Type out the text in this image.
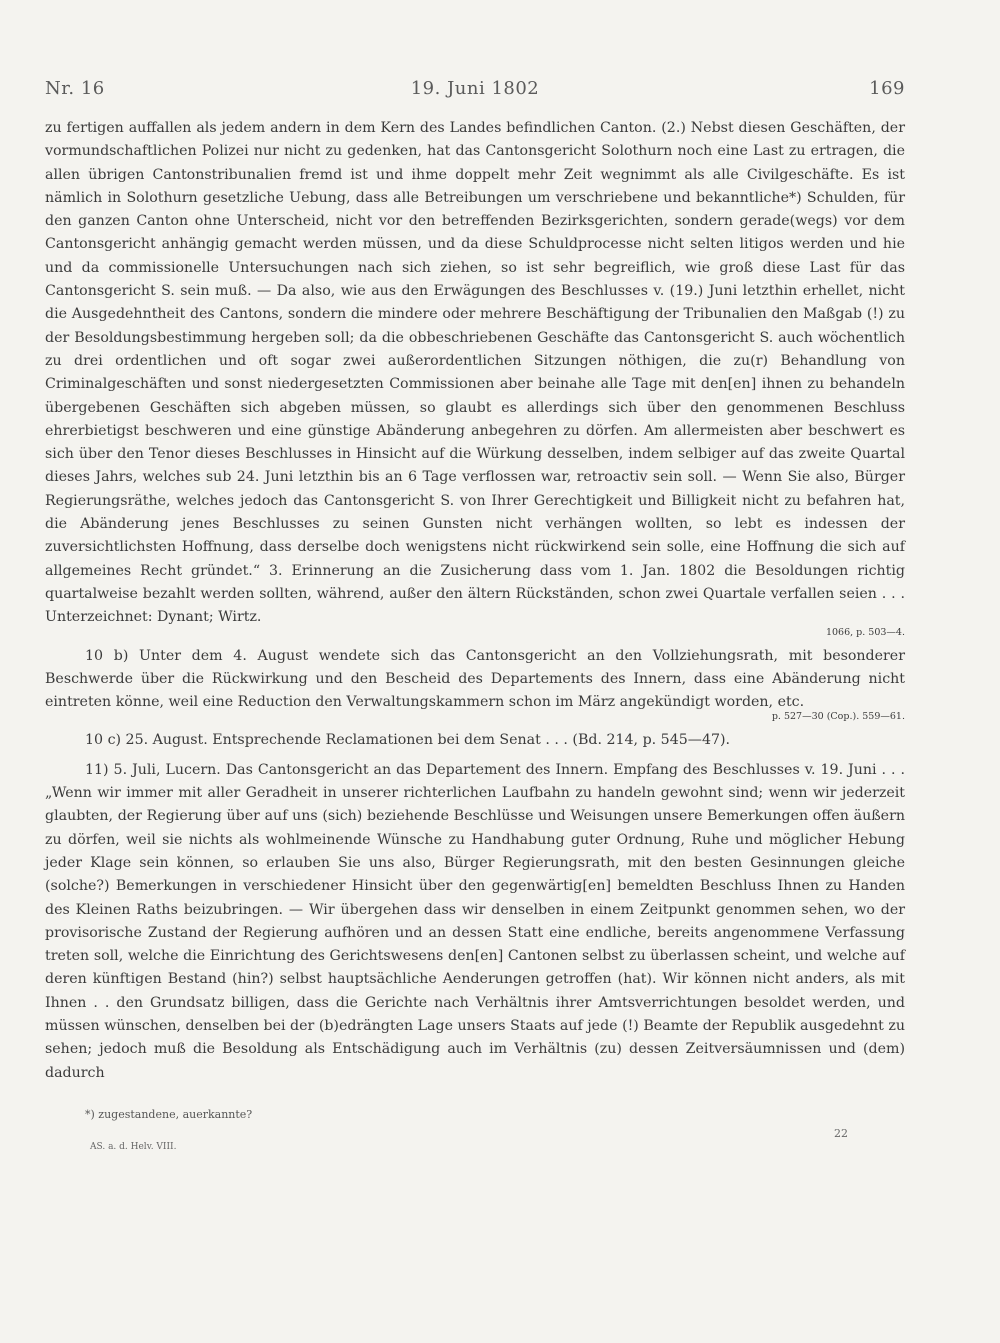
Nr. 16	19. Juni 1802	169

zu fertigen auffallen als jedem andern in dem Kern des Landes befindlichen Canton. (2.) Nebst diesen Geschäften, der vormundschaftlichen Polizei nur nicht zu gedenken, hat das Cantonsgericht Solothurn noch eine Last zu ertragen, die allen übrigen Cantonstribunalien fremd ist und ihme doppelt mehr Zeit wegnimmt als alle Civilgeschäfte. Es ist nämlich in Solothurn gesetzliche Uebung, dass alle Betreibungen um verschriebene und bekanntliche*) Schulden, für den ganzen Canton ohne Unterscheid, nicht vor den betreffenden Bezirksgerichten, sondern gerade(wegs) vor dem Cantonsgericht anhängig gemacht werden müssen, und da diese Schuldprocesse nicht selten litigos werden und hie und da commissionelle Untersuchungen nach sich ziehen, so ist sehr begreiflich, wie groß diese Last für das Cantonsgericht S. sein muß. — Da also, wie aus den Erwägungen des Beschlusses v. (19.) Juni letzthin erhellet, nicht die Ausgedehntheit des Cantons, sondern die mindere oder mehrere Beschäftigung der Tribunalien den Maßgab (!) zu der Besoldungsbestimmung hergeben soll; da die obbeschriebenen Geschäfte das Cantonsgericht S. auch wöchentlich zu drei ordentlichen und oft sogar zwei außerordentlichen Sitzungen nöthigen, die zu(r) Behandlung von Criminalgeschäften und sonst niedergesetzten Commissionen aber beinahe alle Tage mit den[en] ihnen zu behandeln übergebenen Geschäften sich abgeben müssen, so glaubt es allerdings sich über den genommenen Beschluss ehrerbietigst beschweren und eine günstige Abänderung anbegehren zu dörfen. Am allermeisten aber beschwert es sich über den Tenor dieses Beschlusses in Hinsicht auf die Würkung desselben, indem selbiger auf das zweite Quartal dieses Jahrs, welches sub 24. Juni letzthin bis an 6 Tage verflossen war, retroactiv sein soll. — Wenn Sie also, Bürger Regierungsräthe, welches jedoch das Cantonsgericht S. von Ihrer Gerechtigkeit und Billigkeit nicht zu befahren hat, die Abänderung jenes Beschlusses zu seinen Gunsten nicht verhängen wollten, so lebt es indessen der zuversichtlichsten Hoffnung, dass derselbe doch wenigstens nicht rückwirkend sein solle, eine Hoffnung die sich auf allgemeines Recht gründet.“ 3. Erinnerung an die Zusicherung dass vom 1. Jan. 1802 die Besoldungen richtig quartalweise bezahlt werden sollten, während, außer den ältern Rückständen, schon zwei Quartale verfallen seien . . . Unterzeichnet: Dynant; Wirtz.

1066, p. 503—4.

10 b) Unter dem 4. August wendete sich das Cantonsgericht an den Vollziehungsrath, mit besonderer Beschwerde über die Rückwirkung und den Bescheid des Departements des Innern, dass eine Abänderung nicht eintreten könne, weil eine Reduction den Verwaltungskammern schon im März angekündigt worden, etc.

p. 527—30 (Cop.). 559—61.

10 c) 25. August. Entsprechende Reclamationen bei dem Senat . . . (Bd. 214, p. 545—47).

11) 5. Juli, Lucern. Das Cantonsgericht an das Departement des Innern. Empfang des Beschlusses v. 19. Juni . . . „Wenn wir immer mit aller Geradheit in unserer richterlichen Laufbahn zu handeln gewohnt sind; wenn wir jederzeit glaubten, der Regierung über auf uns (sich) beziehende Beschlüsse und Weisungen unsere Bemerkungen offen äußern zu dörfen, weil sie nichts als wohlmeinende Wünsche zu Handhabung guter Ordnung, Ruhe und möglicher Hebung jeder Klage sein können, so erlauben Sie uns also, Bürger Regierungsrath, mit den besten Gesinnungen gleiche (solche?) Bemerkungen in verschiedener Hinsicht über den gegenwärtig[en] bemeldten Beschluss Ihnen zu Handen des Kleinen Raths beizubringen. — Wir übergehen dass wir denselben in einem Zeitpunkt genommen sehen, wo der provisorische Zustand der Regierung aufhören und an dessen Statt eine endliche, bereits angenommene Verfassung treten soll, welche die Einrichtung des Gerichtswesens den[en] Cantonen selbst zu überlassen scheint, und welche auf deren künftigen Bestand (hin?) selbst hauptsächliche Aenderungen getroffen (hat). Wir können nicht anders, als mit Ihnen . . den Grundsatz billigen, dass die Gerichte nach Verhältnis ihrer Amtsverrichtungen besoldet werden, und müssen wünschen, denselben bei der (b)edrängten Lage unsers Staats auf jede (!) Beamte der Republik ausgedehnt zu sehen; jedoch muß die Besoldung als Entschädigung auch im Verhältnis (zu) dessen Zeitversäumnissen und (dem) dadurch

*) zugestandene, auerkannte?
AS. a. d. Helv. VIII.
22
